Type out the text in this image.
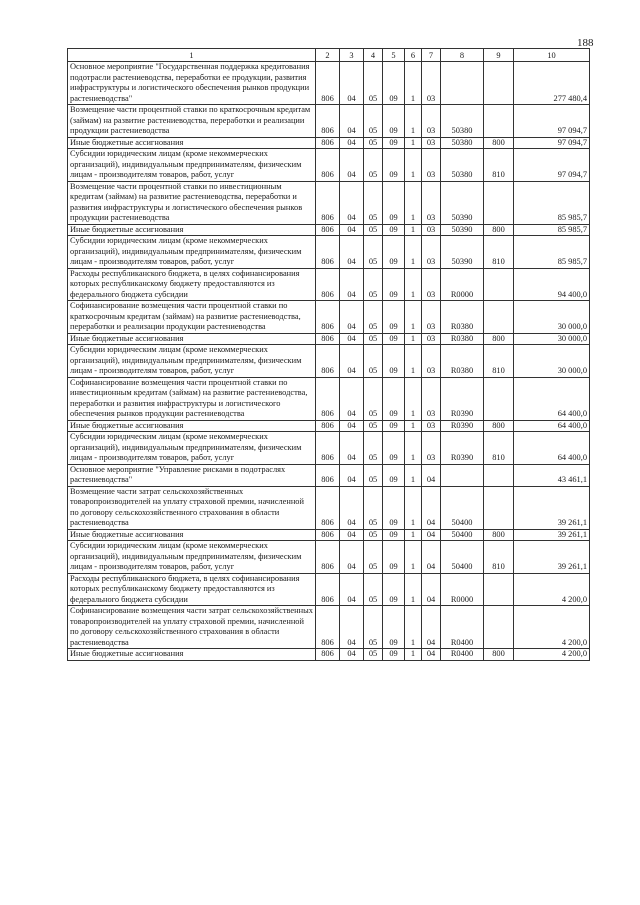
188
1	2	3	4	5	6	7	8	9	10
Основное мероприятие "Государственная поддержка кредитования подотрасли растениеводства, переработки ее продукции, развития инфраструктуры и логистического обеспечения рынков продукции растениеводства"	806	04	05	09	1	03			277 480,4
Возмещение части процентной ставки по краткосрочным кредитам (займам) на развитие растениеводства, переработки и реализации продукции растениеводства	806	04	05	09	1	03	50380		97 094,7
Иные бюджетные ассигнования	806	04	05	09	1	03	50380	800	97 094,7
Субсидии юридическим лицам (кроме некоммерческих организаций), индивидуальным предпринимателям, физическим лицам - производителям товаров, работ, услуг	806	04	05	09	1	03	50380	810	97 094,7
Возмещение части процентной ставки по инвестиционным кредитам (займам) на развитие растениеводства, переработки и развития инфраструктуры и логистического обеспечения рынков продукции растениеводства	806	04	05	09	1	03	50390		85 985,7
Иные бюджетные ассигнования	806	04	05	09	1	03	50390	800	85 985,7
Субсидии юридическим лицам (кроме некоммерческих организаций), индивидуальным предпринимателям, физическим лицам - производителям товаров, работ, услуг	806	04	05	09	1	03	50390	810	85 985,7
Расходы республиканского бюджета, в целях софинансирования которых республиканскому бюджету предоставляются из федерального бюджета субсидии	806	04	05	09	1	03	R0000		94 400,0
Софинансирование возмещения части процентной ставки по краткосрочным кредитам (займам) на развитие растениеводства, переработки и реализации продукции растениеводства	806	04	05	09	1	03	R0380		30 000,0
Иные бюджетные ассигнования	806	04	05	09	1	03	R0380	800	30 000,0
Субсидии юридическим лицам (кроме некоммерческих организаций), индивидуальным предпринимателям, физическим лицам - производителям товаров, работ, услуг	806	04	05	09	1	03	R0380	810	30 000,0
Софинансирование возмещения части процентной ставки по инвестиционным кредитам (займам) на развитие растениеводства, переработки и развития инфраструктуры и логистического обеспечения рынков продукции растениеводства	806	04	05	09	1	03	R0390		64 400,0
Иные бюджетные ассигнования	806	04	05	09	1	03	R0390	800	64 400,0
Субсидии юридическим лицам (кроме некоммерческих организаций), индивидуальным предпринимателям, физическим лицам - производителям товаров, работ, услуг	806	04	05	09	1	03	R0390	810	64 400,0
Основное мероприятие "Управление рисками в подотраслях растениеводства"	806	04	05	09	1	04			43 461,1
Возмещение части затрат сельскохозяйственных товаропроизводителей на уплату страховой премии, начисленной по договору сельскохозяйственного страхования в области растениеводства	806	04	05	09	1	04	50400		39 261,1
Иные бюджетные ассигнования	806	04	05	09	1	04	50400	800	39 261,1
Субсидии юридическим лицам (кроме некоммерческих организаций), индивидуальным предпринимателям, физическим лицам - производителям товаров, работ, услуг	806	04	05	09	1	04	50400	810	39 261,1
Расходы республиканского бюджета, в целях софинансирования которых республиканскому бюджету предоставляются из федерального бюджета субсидии	806	04	05	09	1	04	R0000		4 200,0
Софинансирование возмещения части затрат сельскохозяйственных товаропроизводителей на уплату страховой премии, начисленной по договору сельскохозяйственного страхования в области растениеводства	806	04	05	09	1	04	R0400		4 200,0
Иные бюджетные ассигнования	806	04	05	09	1	04	R0400	800	4 200,0
